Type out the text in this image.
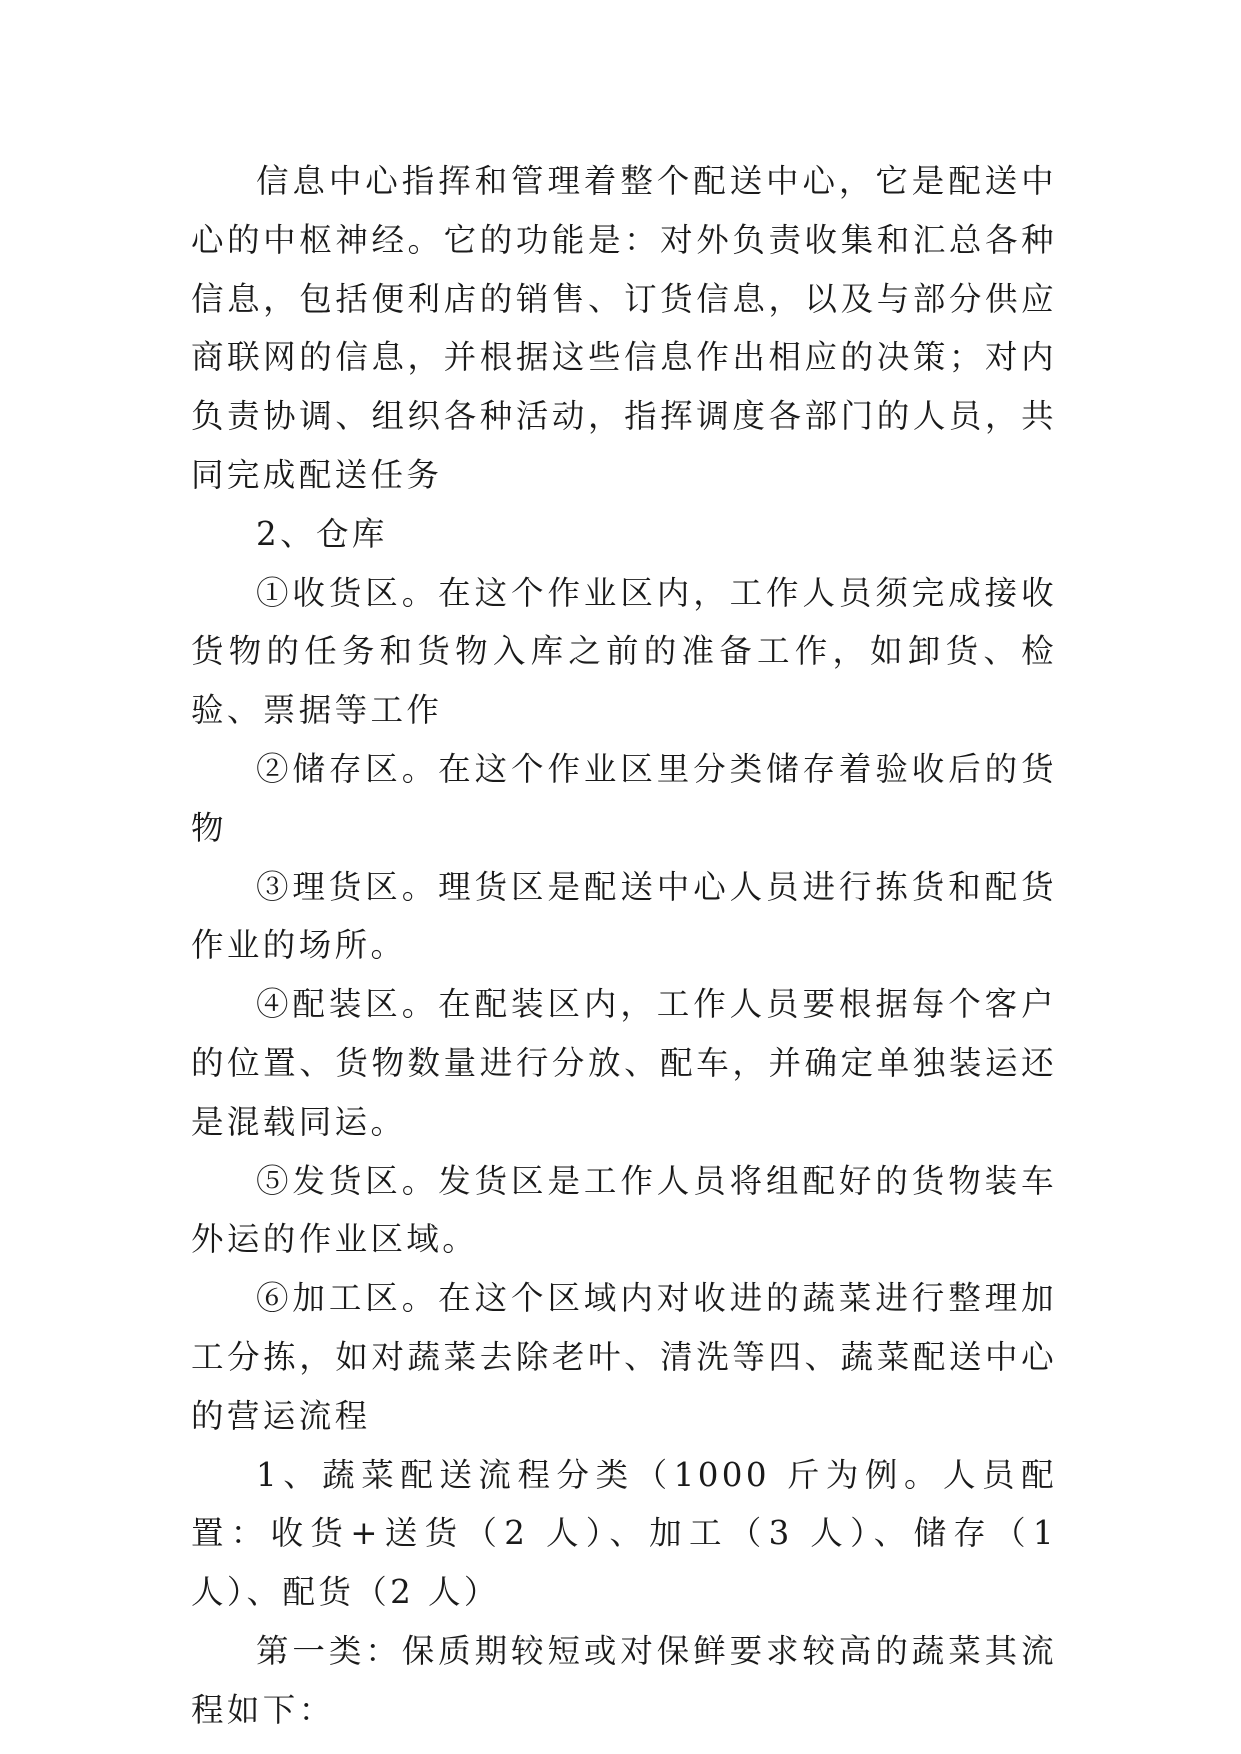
信息中心指挥和管理着整个配送中心，它是配送中心的中枢神经。它的功能是：对外负责收集和汇总各种信息，包括便利店的销售、订货信息，以及与部分供应商联网的信息，并根据这些信息作出相应的决策；对内负责协调、组织各种活动，指挥调度各部门的人员，共同完成配送任务

2、仓库

①收货区。在这个作业区内，工作人员须完成接收货物的任务和货物入库之前的准备工作，如卸货、检验、票据等工作

②储存区。在这个作业区里分类储存着验收后的货物

③理货区。理货区是配送中心人员进行拣货和配货作业的场所。

④配装区。在配装区内，工作人员要根据每个客户的位置、货物数量进行分放、配车，并确定单独装运还是混载同运。

⑤发货区。发货区是工作人员将组配好的货物装车外运的作业区域。

⑥加工区。在这个区域内对收进的蔬菜进行整理加工分拣，如对蔬菜去除老叶、清洗等四、蔬菜配送中心的营运流程

1、蔬菜配送流程分类（1000 斤为例。人员配置：收货+送货（2 人）、加工（3 人）、储存（1 人）、配货（2 人）

第一类：保质期较短或对保鲜要求较高的蔬菜其流程如下：
